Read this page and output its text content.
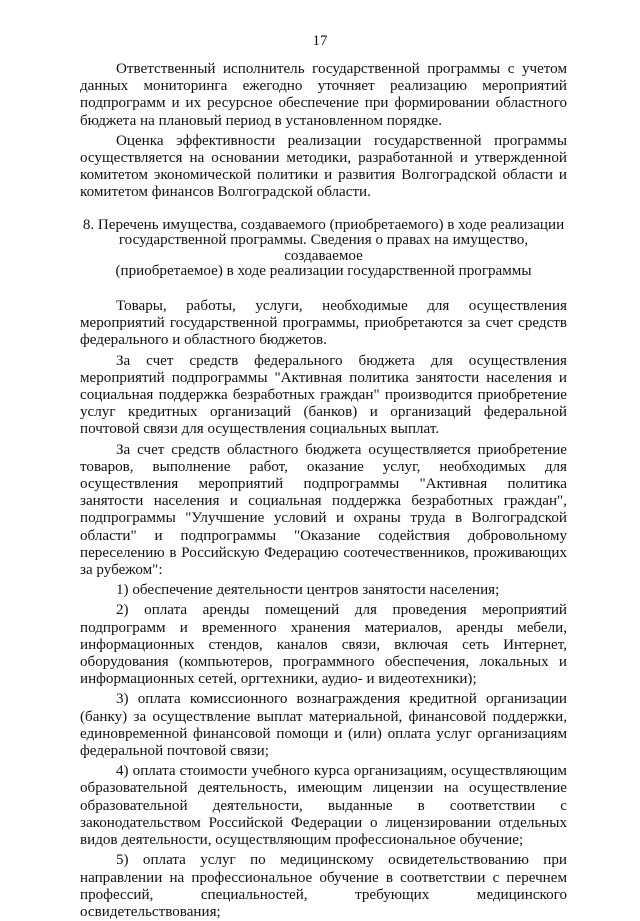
17

Ответственный исполнитель государственной программы с учетом данных мониторинга ежегодно уточняет реализацию мероприятий подпрограмм и их ресурсное обеспечение при формировании областного бюджета на плановый период в установленном порядке.

Оценка эффективности реализации государственной программы осуществляется на основании методики, разработанной и утвержденной комитетом экономической политики и развития Волгоградской области и комитетом финансов Волгоградской области.

8. Перечень имущества, создаваемого (приобретаемого) в ходе реализации
государственной программы. Сведения о правах на имущество, создаваемое
(приобретаемое) в ходе реализации государственной программы

Товары, работы, услуги, необходимые для осуществления мероприятий государственной программы, приобретаются за счет средств федерального и областного бюджетов.

За счет средств федерального бюджета для осуществления мероприятий подпрограммы "Активная политика занятости населения и социальная поддержка безработных граждан" производится приобретение услуг кредитных организаций (банков) и организаций федеральной почтовой связи для осуществления социальных выплат.

За счет средств областного бюджета осуществляется приобретение товаров, выполнение работ, оказание услуг, необходимых для осуществления мероприятий подпрограммы "Активная политика занятости населения и социальная поддержка безработных граждан", подпрограммы "Улучшение условий и охраны труда в Волгоградской области" и подпрограммы "Оказание содействия добровольному переселению в Российскую Федерацию соотечественников, проживающих за рубежом":

1) обеспечение деятельности центров занятости населения;

2) оплата аренды помещений для проведения мероприятий подпрограмм и временного хранения материалов, аренды мебели, информационных стендов, каналов связи, включая сеть Интернет, оборудования (компьютеров, программного обеспечения, локальных и информационных сетей, оргтехники, аудио- и видеотехники);

3) оплата комиссионного вознаграждения кредитной организации (банку) за осуществление выплат материальной, финансовой поддержки, единовременной финансовой помощи и (или) оплата услуг организациям федеральной почтовой связи;

4) оплата стоимости учебного курса организациям, осуществляющим образовательной деятельность, имеющим лицензии на осуществление образовательной деятельности, выданные в соответствии с законодательством Российской Федерации о лицензировании отдельных видов деятельности, осуществляющим профессиональное обучение;

5) оплата услуг по медицинскому освидетельствованию при направлении на профессиональное обучение в соответствии с перечнем профессий, специальностей, требующих медицинского освидетельствования;
